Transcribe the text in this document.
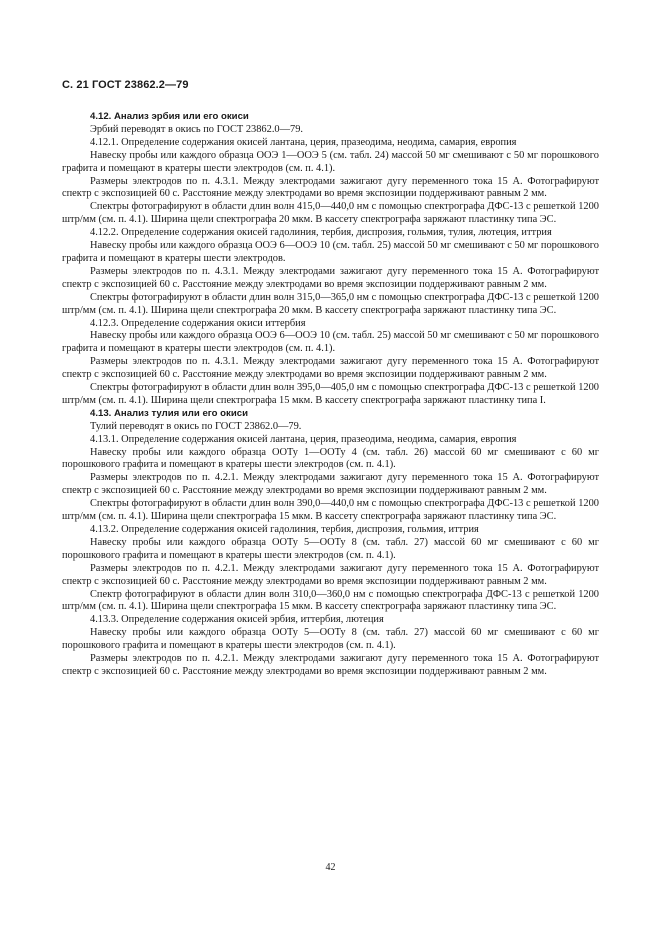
С. 21 ГОСТ 23862.2—79

4.12. Анализ эрбия или его окиси

Эрбий переводят в окись по ГОСТ 23862.0—79.

4.12.1. Определение содержания окисей лантана, церия, празеодима, неодима, самария, европия

Навеску пробы или каждого образца ООЭ 1—ООЭ 5 (см. табл. 24) массой 50 мг смешивают с 50 мг порошкового графита и помещают в кратеры шести электродов (см. п. 4.1).

Размеры электродов по п. 4.3.1. Между электродами зажигают дугу переменного тока 15 А. Фотографируют спектр с экспозицией 60 с. Расстояние между электродами во время экспозиции поддерживают равным 2 мм.

Спектры фотографируют в области длин волн 415,0—440,0 нм с помощью спектрографа ДФС-13 с решеткой 1200 штр/мм (см. п. 4.1). Ширина щели спектрографа 20 мкм. В кассету спектрографа заряжают пластинку типа ЭС.

4.12.2. Определение содержания окисей гадолиния, тербия, диспрозия, гольмия, тулия, лютеция, иттрия

Навеску пробы или каждого образца ООЭ 6—ООЭ 10 (см. табл. 25) массой 50 мг смешивают с 50 мг порошкового графита и помещают в кратеры шести электродов.

Размеры электродов по п. 4.3.1. Между электродами зажигают дугу переменного тока 15 А. Фотографируют спектр с экспозицией 60 с. Расстояние между электродами во время экспозиции поддерживают равным 2 мм.

Спектры фотографируют в области длин волн 315,0—365,0 нм с помощью спектрографа ДФС-13 с решеткой 1200 штр/мм (см. п. 4.1). Ширина щели спектрографа 20 мкм. В кассету спектрографа заряжают пластинку типа ЭС.

4.12.3. Определение содержания окиси иттербия

Навеску пробы или каждого образца ООЭ 6—ООЭ 10 (см. табл. 25) массой 50 мг смешивают с 50 мг порошкового графита и помещают в кратеры шести электродов (см. п. 4.1).

Размеры электродов по п. 4.3.1. Между электродами зажигают дугу переменного тока 15 А. Фотографируют спектр с экспозицией 60 с. Расстояние между электродами во время экспозиции поддерживают равным 2 мм.

Спектры фотографируют в области длин волн 395,0—405,0 нм с помощью спектрографа ДФС-13 с решеткой 1200 штр/мм (см. п. 4.1). Ширина щели спектрографа 15 мкм. В кассету спектрографа заряжают пластинку типа I.

4.13. Анализ тулия или его окиси

Тулий переводят в окись по ГОСТ 23862.0—79.

4.13.1. Определение содержания окисей лантана, церия, празеодима, неодима, самария, европия

Навеску пробы или каждого образца ООТу 1—ООТу 4 (см. табл. 26) массой 60 мг смешивают с 60 мг порошкового графита и помещают в кратеры шести электродов (см. п. 4.1).

Размеры электродов по п. 4.2.1. Между электродами зажигают дугу переменного тока 15 А. Фотографируют спектр с экспозицией 60 с. Расстояние между электродами во время экспозиции поддерживают равным 2 мм.

Спектры фотографируют в области длин волн 390,0—440,0 нм с помощью спектрографа ДФС-13 с решеткой 1200 штр/мм (см. п. 4.1). Ширина щели спектрографа 15 мкм. В кассету спектрографа заряжают пластинку типа ЭС.

4.13.2. Определение содержания окисей гадолиния, тербия, диспрозия, гольмия, иттрия

Навеску пробы или каждого образца ООТу 5—ООТу 8 (см. табл. 27) массой 60 мг смешивают с 60 мг порошкового графита и помещают в кратеры шести электродов (см. п. 4.1).

Размеры электродов по п. 4.2.1. Между электродами зажигают дугу переменного тока 15 А. Фотографируют спектр с экспозицией 60 с. Расстояние между электродами во время экспозиции поддерживают равным 2 мм.

Спектр фотографируют в области длин волн 310,0—360,0 нм с помощью спектрографа ДФС-13 с решеткой 1200 штр/мм (см. п. 4.1). Ширина щели спектрографа 15 мкм. В кассету спектрографа заряжают пластинку типа ЭС.

4.13.3. Определение содержания окисей эрбия, иттербия, лютеция

Навеску пробы или каждого образца ООТу 5—ООТу 8 (см. табл. 27) массой 60 мг смешивают с 60 мг порошкового графита и помещают в кратеры шести электродов (см. п. 4.1).

Размеры электродов по п. 4.2.1. Между электродами зажигают дугу переменного тока 15 А. Фотографируют спектр с экспозицией 60 с. Расстояние между электродами во время экспозиции поддерживают равным 2 мм.

42
